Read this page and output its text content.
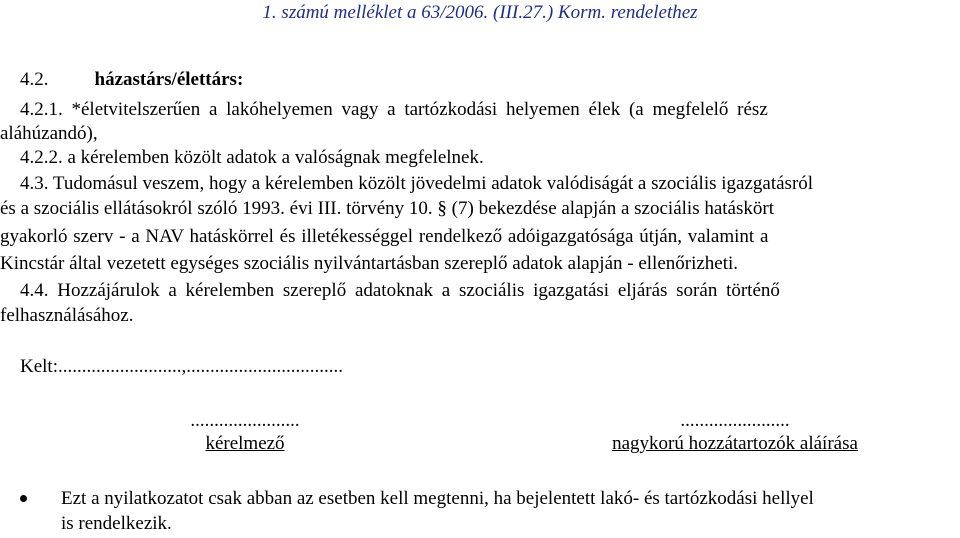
1. számú melléklet a 63/2006. (III.27.) Korm. rendelethez
4.2. házastárs/élettárs:
4.2.1. *életvitelszerűen a lakóhelyemen vagy a tartózkodási helyemen élek (a megfelelő rész
aláhúzandó),
4.2.2. a kérelemben közölt adatok a valóságnak megfelelnek.
4.3. Tudomásul veszem, hogy a kérelemben közölt jövedelmi adatok valódiságát a szociális igazgatásról
és a szociális ellátásokról szóló 1993. évi III. törvény 10. § (7) bekezdése alapján a szociális hatáskört
gyakorló szerv - a NAV hatáskörrel és illetékességgel rendelkező adóigazgatósága útján, valamint a
Kincstár által vezetett egységes szociális nyilvántartásban szereplő adatok alapján - ellenőrizheti.
4.4. Hozzájárulok a kérelemben szereplő adatoknak a szociális igazgatási eljárás során történő
felhasználásához.
Kelt:..........................,.................................
.......................
kérelmező
.......................
nagykorú hozzátartozók aláírása
Ezt a nyilatkozatot csak abban az esetben kell megtenni, ha bejelentett lakó- és tartózkodási hellyel
is rendelkezik.
